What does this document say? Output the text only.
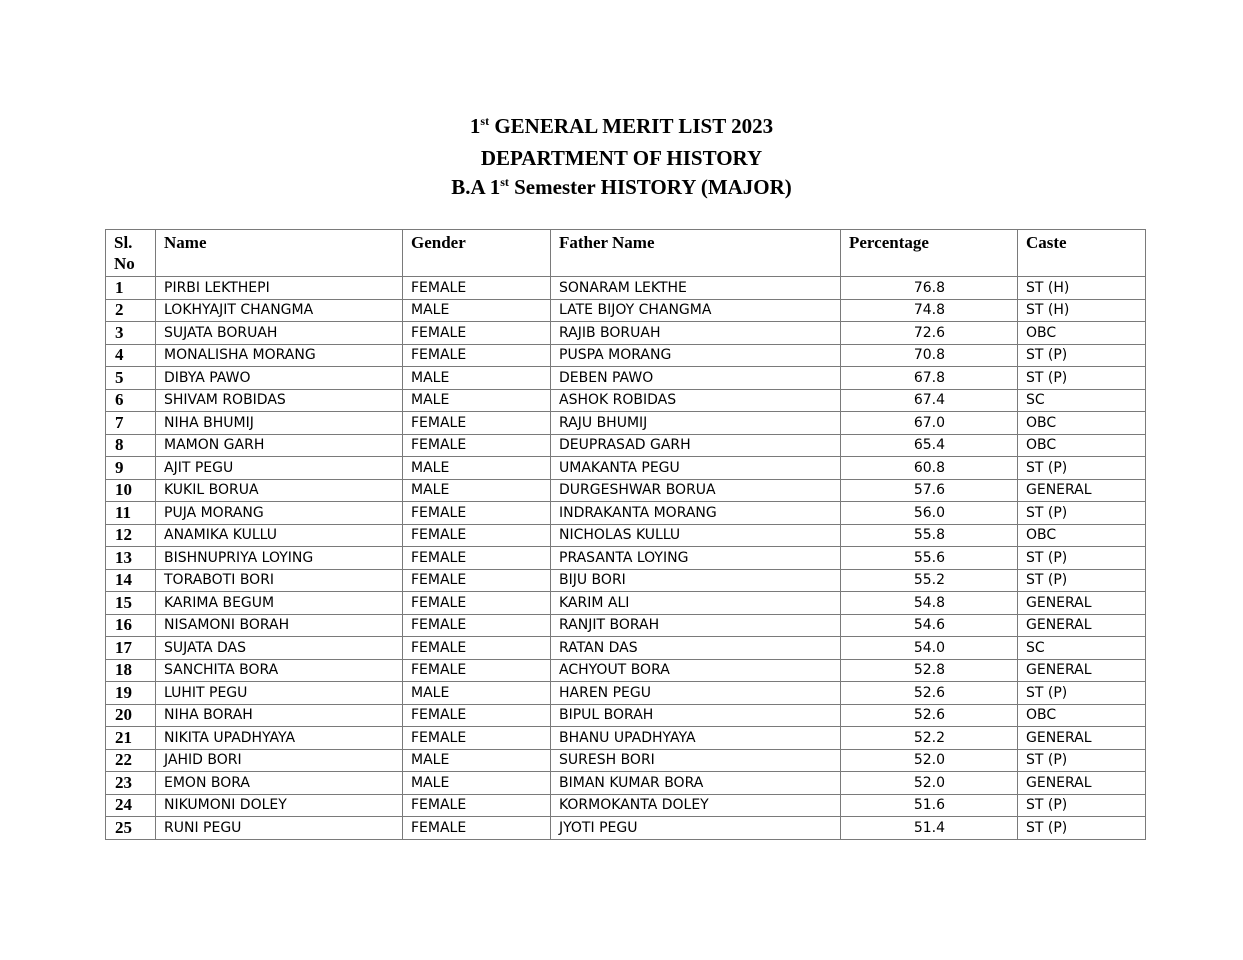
1st GENERAL MERIT LIST 2023
DEPARTMENT OF HISTORY
B.A 1st Semester HISTORY (MAJOR)
Sl. No	Name	Gender	Father Name	Percentage	Caste
1	PIRBI LEKTHEPI	FEMALE	SONARAM LEKTHE	76.8	ST (H)
2	LOKHYAJIT CHANGMA	MALE	LATE BIJOY CHANGMA	74.8	ST (H)
3	SUJATA BORUAH	FEMALE	RAJIB BORUAH	72.6	OBC
4	MONALISHA MORANG	FEMALE	PUSPA MORANG	70.8	ST (P)
5	DIBYA PAWO	MALE	DEBEN PAWO	67.8	ST (P)
6	SHIVAM ROBIDAS	MALE	ASHOK ROBIDAS	67.4	SC
7	NIHA BHUMIJ	FEMALE	RAJU BHUMIJ	67.0	OBC
8	MAMON GARH	FEMALE	DEUPRASAD GARH	65.4	OBC
9	AJIT PEGU	MALE	UMAKANTA PEGU	60.8	ST (P)
10	KUKIL BORUA	MALE	DURGESHWAR BORUA	57.6	GENERAL
11	PUJA MORANG	FEMALE	INDRAKANTA MORANG	56.0	ST (P)
12	ANAMIKA KULLU	FEMALE	NICHOLAS KULLU	55.8	OBC
13	BISHNUPRIYA LOYING	FEMALE	PRASANTA LOYING	55.6	ST (P)
14	TORABOTI BORI	FEMALE	BIJU BORI	55.2	ST (P)
15	KARIMA BEGUM	FEMALE	KARIM ALI	54.8	GENERAL
16	NISAMONI BORAH	FEMALE	RANJIT BORAH	54.6	GENERAL
17	SUJATA DAS	FEMALE	RATAN DAS	54.0	SC
18	SANCHITA BORA	FEMALE	ACHYOUT BORA	52.8	GENERAL
19	LUHIT PEGU	MALE	HAREN PEGU	52.6	ST (P)
20	NIHA BORAH	FEMALE	BIPUL BORAH	52.6	OBC
21	NIKITA UPADHYAYA	FEMALE	BHANU UPADHYAYA	52.2	GENERAL
22	JAHID BORI	MALE	SURESH BORI	52.0	ST (P)
23	EMON BORA	MALE	BIMAN KUMAR BORA	52.0	GENERAL
24	NIKUMONI DOLEY	FEMALE	KORMOKANTA DOLEY	51.6	ST (P)
25	RUNI PEGU	FEMALE	JYOTI PEGU	51.4	ST (P)
